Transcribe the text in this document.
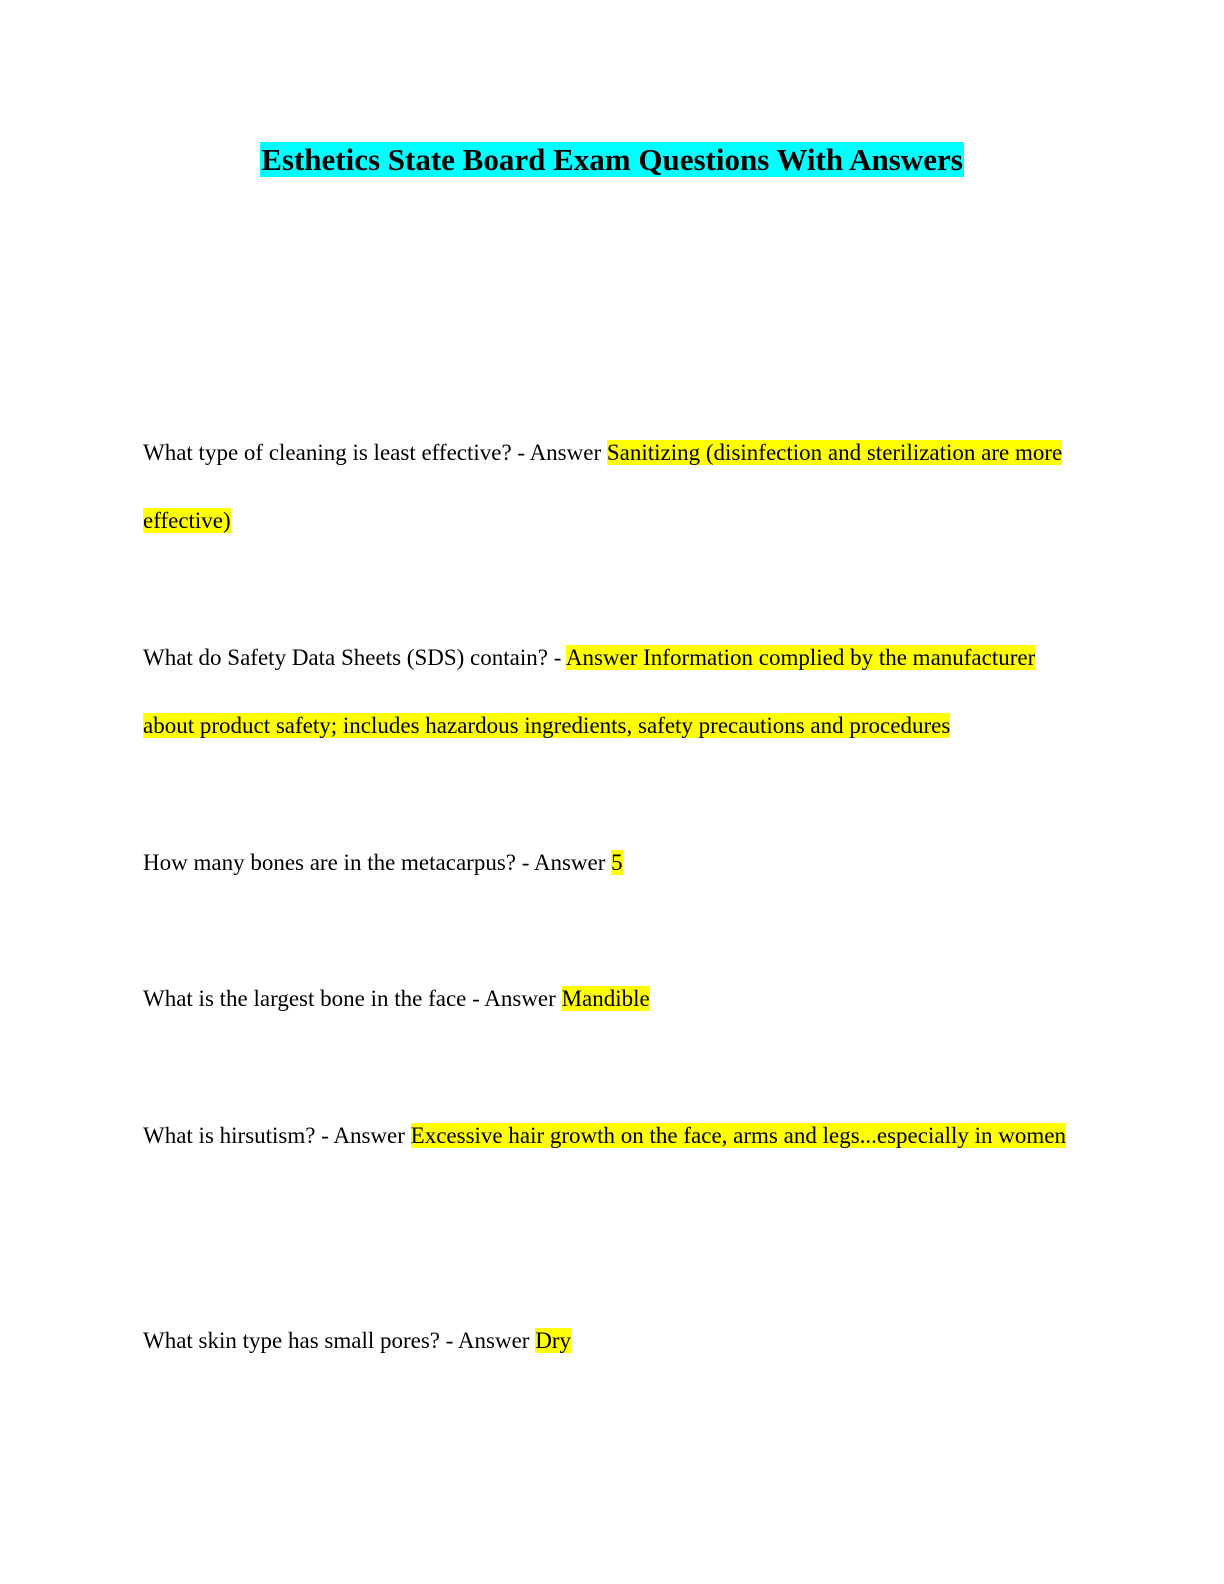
Esthetics State Board Exam Questions With Answers

What type of cleaning is least effective? - Answer Sanitizing (disinfection and sterilization are more effective)

What do Safety Data Sheets (SDS) contain? - Answer Information complied by the manufacturer about product safety; includes hazardous ingredients, safety precautions and procedures

How many bones are in the metacarpus? - Answer 5

What is the largest bone in the face - Answer Mandible

What is hirsutism? - Answer Excessive hair growth on the face, arms and legs...especially in women

What skin type has small pores? - Answer Dry
